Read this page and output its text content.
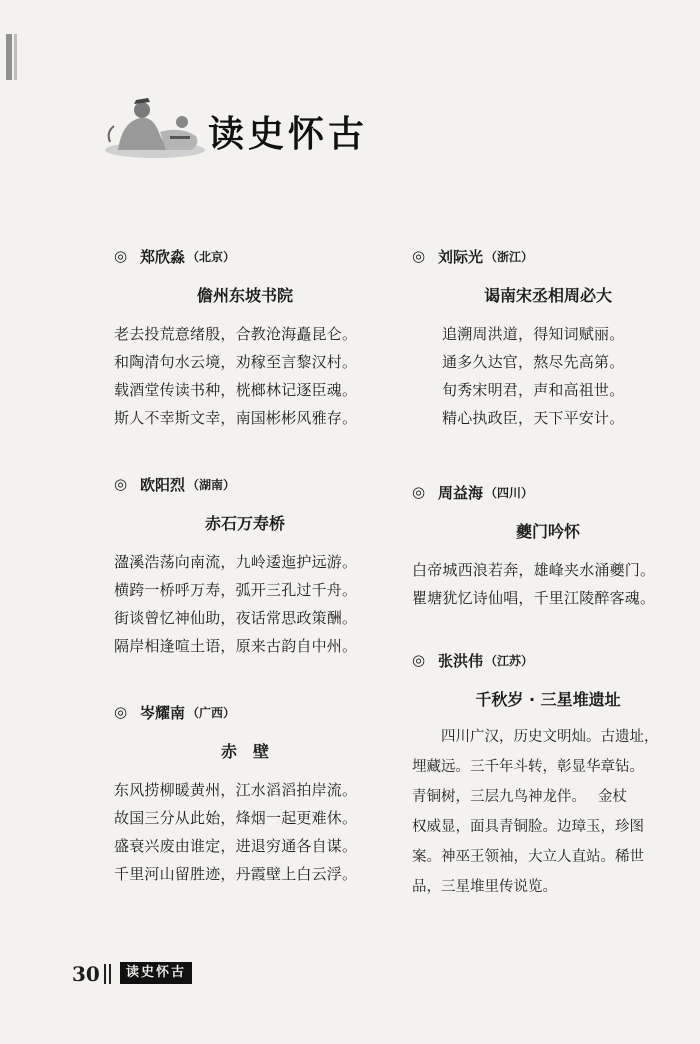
读史怀古
◎ 郑欣淼 （北京）
儋州东坡书院
老去投荒意绪殷，合教沧海矗昆仑。
和陶清句水云境，劝稼至言黎汉村。
载酒堂传读书种，桄榔林记逐臣魂。
斯人不幸斯文幸，南国彬彬风雅存。
◎ 欧阳烈 （湖南）
赤石万寿桥
溋溪浩荡向南流，九岭逶迤护远游。
横跨一桥呼万寿，弧开三孔过千舟。
街谈曾忆神仙助，夜话常思政策酬。
隔岸相逢喧土语，原来古韵自中州。
◎ 岑耀南 （广西）
赤　壁
东风捞柳暖黄州，江水滔滔拍岸流。
故国三分从此始，烽烟一起更难休。
盛衰兴废由谁定，进退穷通各自谋。
千里河山留胜迹，丹霞壁上白云浮。
◎ 刘际光 （浙江）
谒南宋丞相周必大
追溯周洪道，得知词赋丽。
通多久达官，熬尽先高第。
旬秀宋明君，声和高祖世。
精心执政臣，天下平安计。
◎ 周益海 （四川）
夔门吟怀
白帝城西浪若奔，雄峰夹水涌夔门。
瞿塘犹忆诗仙唱，千里江陵醉客魂。
◎ 张洪伟 （江苏）
千秋岁 · 三星堆遗址
　　四川广汉，历史文明灿。古遗址，
埋藏远。三千年斗转，彰显华章钻。
青铜树，三层九鸟神龙伴。　 金杖
权威显，面具青铜脸。边璋玉，珍图
案。神巫王领袖，大立人直站。稀世
品，三星堆里传说览。
30	读史怀古
